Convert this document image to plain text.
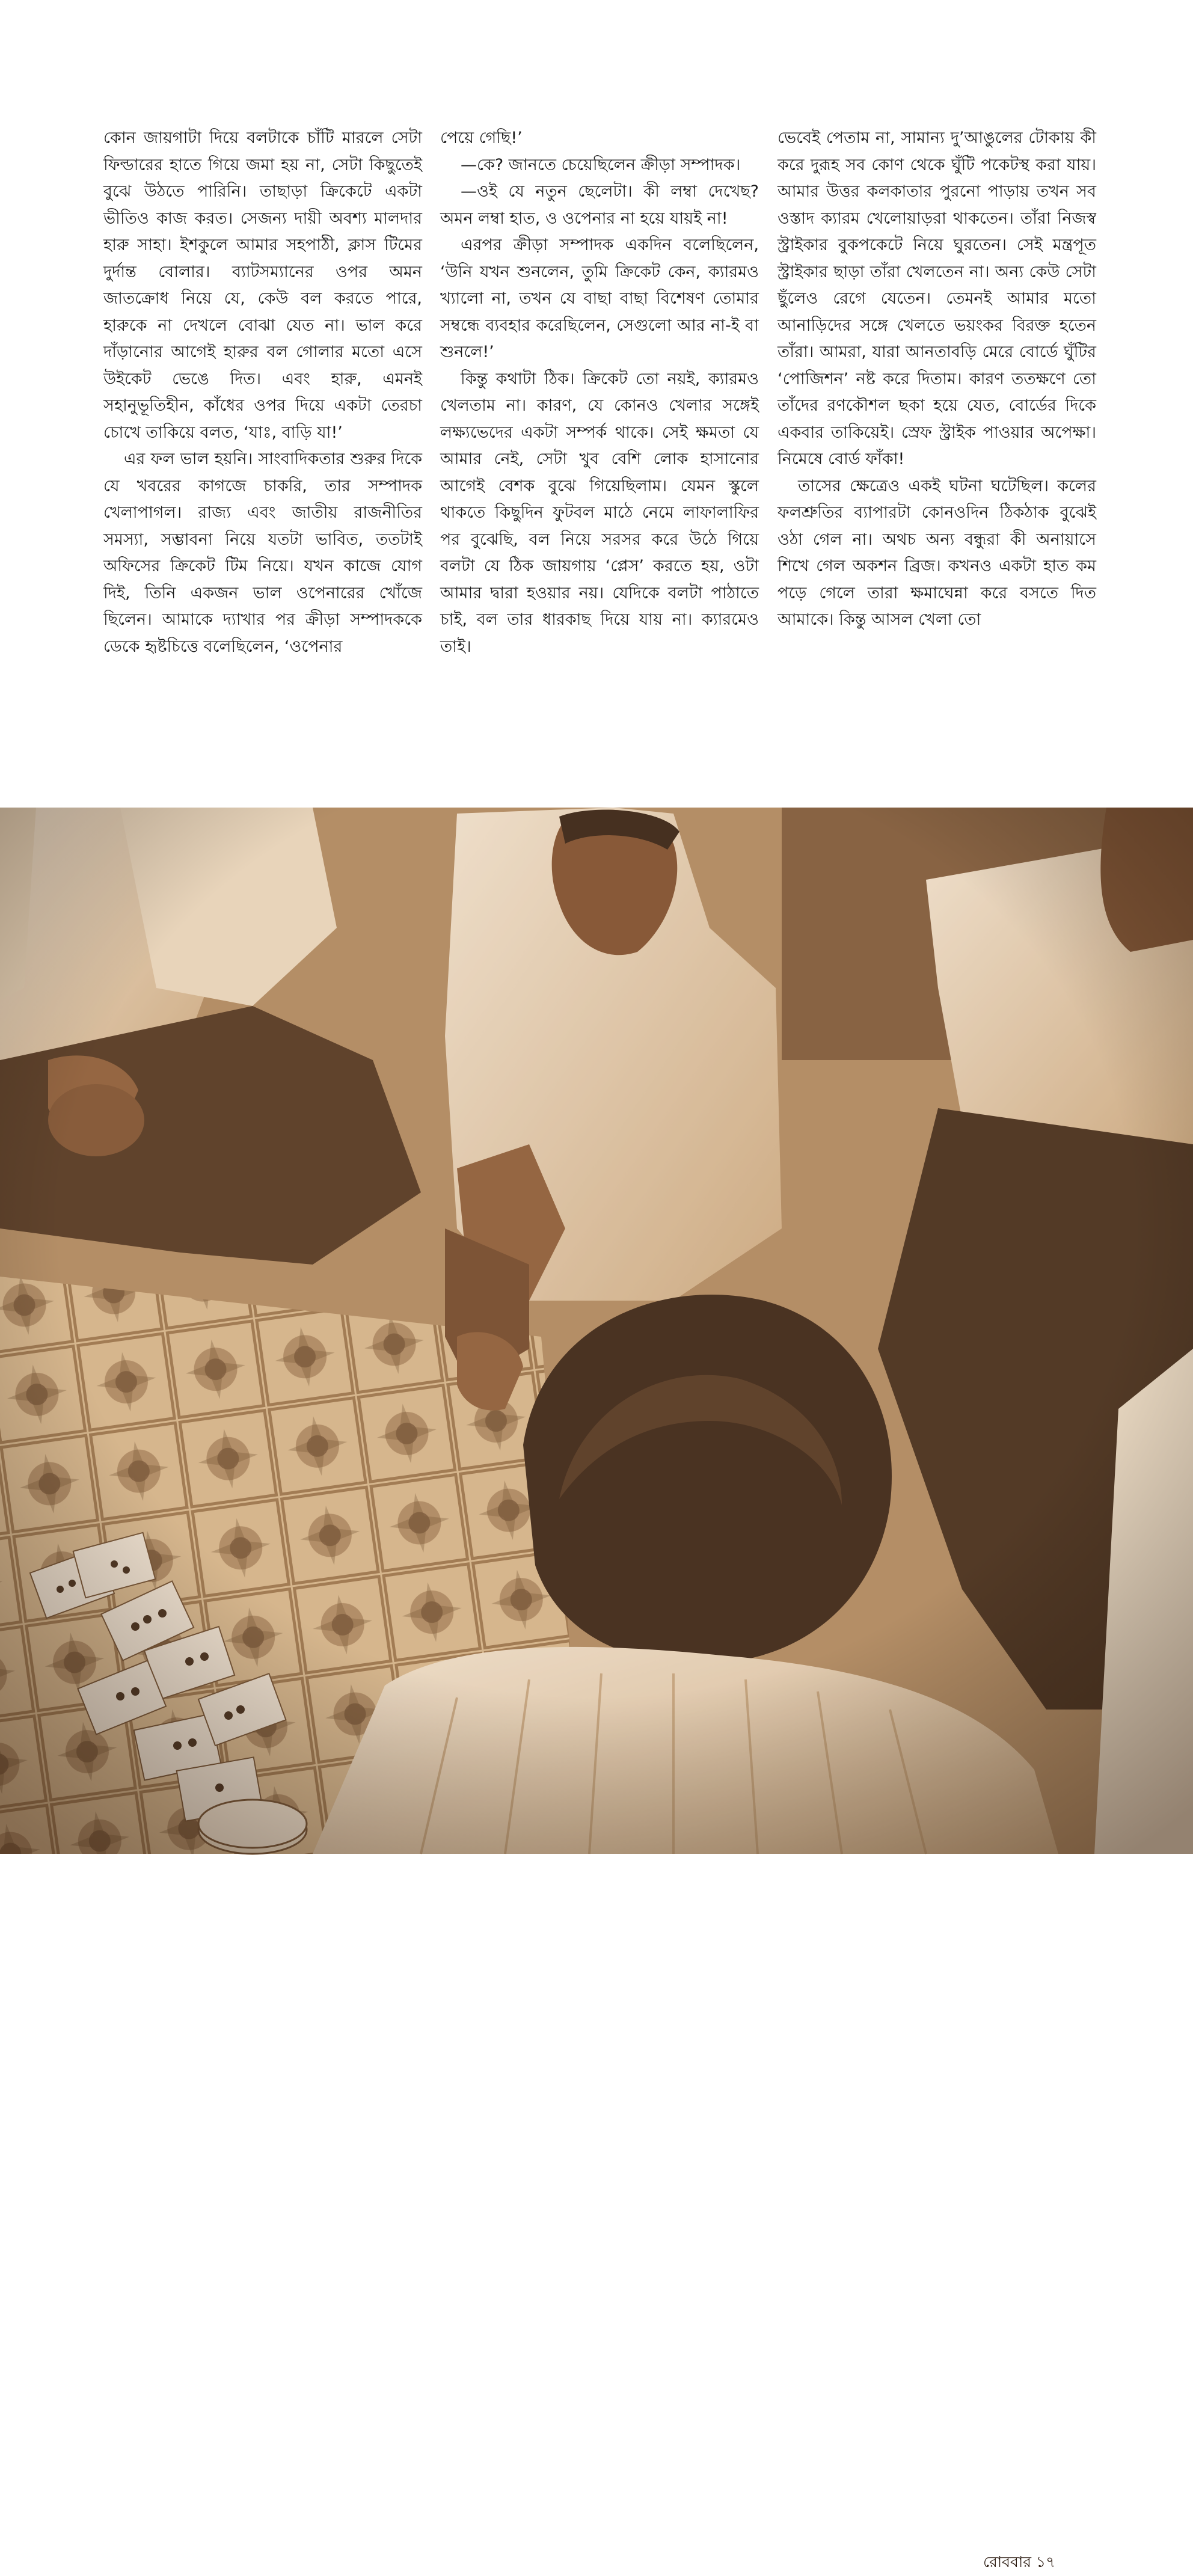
কোন জায়গাটা দিয়ে বলটাকে চাঁটি মারলে সেটা ফিল্ডারের হাতে গিয়ে জমা হয় না, সেটা কিছুতেই বুঝে উঠতে পারিনি। তাছাড়া ক্রিকেটে একটা ভীতিও কাজ করত। সেজন্য দায়ী অবশ্য মালদার হারু সাহা। ইশকুলে আমার সহপাঠী, ক্লাস টিমের দুর্দান্ত বোলার। ব্যাটসম্যানের ওপর অমন জাতক্রোধ নিয়ে যে, কেউ বল করতে পারে, হারুকে না দেখলে বোঝা যেত না। ভাল করে দাঁড়ানোর আগেই হারুর বল গোলার মতো এসে উইকেট ভেঙে দিত। এবং হারু, এমনই সহানুভূতিহীন, কাঁধের ওপর দিয়ে একটা তেরচা চোখে তাকিয়ে বলত, ‘যাঃ, বাড়ি যা!’

এর ফল ভাল হয়নি। সাংবাদিকতার শুরুর দিকে যে খবরের কাগজে চাকরি, তার সম্পাদক খেলাপাগল। রাজ্য এবং জাতীয় রাজনীতির সমস্যা, সম্ভাবনা নিয়ে যতটা ভাবিত, ততটাই অফিসের ক্রিকেট টিম নিয়ে। যখন কাজে যোগ দিই, তিনি একজন ভাল ওপেনারের খোঁজে ছিলেন। আমাকে দ্যাখার পর ক্রীড়া সম্পাদককে ডেকে হৃষ্টচিত্তে বলেছিলেন, ‘ওপেনার

পেয়ে গেছি!’

—কে? জানতে চেয়েছিলেন ক্রীড়া সম্পাদক।

—ওই যে নতুন ছেলেটা। কী লম্বা দেখেছ? অমন লম্বা হাত, ও ওপেনার না হয়ে যায়ই না!

এরপর ক্রীড়া সম্পাদক একদিন বলেছিলেন, ‘উনি যখন শুনলেন, তুমি ক্রিকেট কেন, ক্যারমও খ্যালো না, তখন যে বাছা বাছা বিশেষণ তোমার সম্বন্ধে ব্যবহার করেছিলেন, সেগুলো আর না-ই বা শুনলে!’

কিন্তু কথাটা ঠিক। ক্রিকেট তো নয়ই, ক্যারমও খেলতাম না। কারণ, যে কোনও খেলার সঙ্গেই লক্ষ্যভেদের একটা সম্পর্ক থাকে। সেই ক্ষমতা যে আমার নেই, সেটা খুব বেশি লোক হাসানোর আগেই বেশক বুঝে গিয়েছিলাম। যেমন স্কুলে থাকতে কিছুদিন ফুটবল মাঠে নেমে লাফালাফির পর বুঝেছি, বল নিয়ে সরসর করে উঠে গিয়ে বলটা যে ঠিক জায়গায় ‘প্লেস’ করতে হয়, ওটা আমার দ্বারা হওয়ার নয়। যেদিকে বলটা পাঠাতে চাই, বল তার ধারকাছ দিয়ে যায় না। ক্যারমেও তাই।

ভেবেই পেতাম না, সামান্য দু’আঙুলের টোকায় কী করে দুরূহ সব কোণ থেকে ঘুঁটি পকেটস্থ করা যায়। আমার উত্তর কলকাতার পুরনো পাড়ায় তখন সব ওস্তাদ ক্যারম খেলোয়াড়রা থাকতেন। তাঁরা নিজস্ব স্ট্রাইকার বুকপকেটে নিয়ে ঘুরতেন। সেই মন্ত্রপূত স্ট্রাইকার ছাড়া তাঁরা খেলতেন না। অন্য কেউ সেটা ছুঁলেও রেগে যেতেন। তেমনই আমার মতো আনাড়িদের সঙ্গে খেলতে ভয়ংকর বিরক্ত হতেন তাঁরা। আমরা, যারা আনতাবড়ি মেরে বোর্ডে ঘুঁটির ‘পোজিশন’ নষ্ট করে দিতাম। কারণ ততক্ষণে তো তাঁদের রণকৌশল ছকা হয়ে যেত, বোর্ডের দিকে একবার তাকিয়েই। স্রেফ স্ট্রাইক পাওয়ার অপেক্ষা। নিমেষে বোর্ড ফাঁকা!

তাসের ক্ষেত্রেও একই ঘটনা ঘটেছিল। কলের ফলশ্রুতির ব্যাপারটা কোনওদিন ঠিকঠাক বুঝেই ওঠা গেল না। অথচ অন্য বন্ধুরা কী অনায়াসে শিখে গেল অকশন ব্রিজ। কখনও একটা হাত কম পড়ে গেলে তারা ক্ষমাঘেন্না করে বসতে দিত আমাকে। কিন্তু আসল খেলা তো

রোববার ১৭
